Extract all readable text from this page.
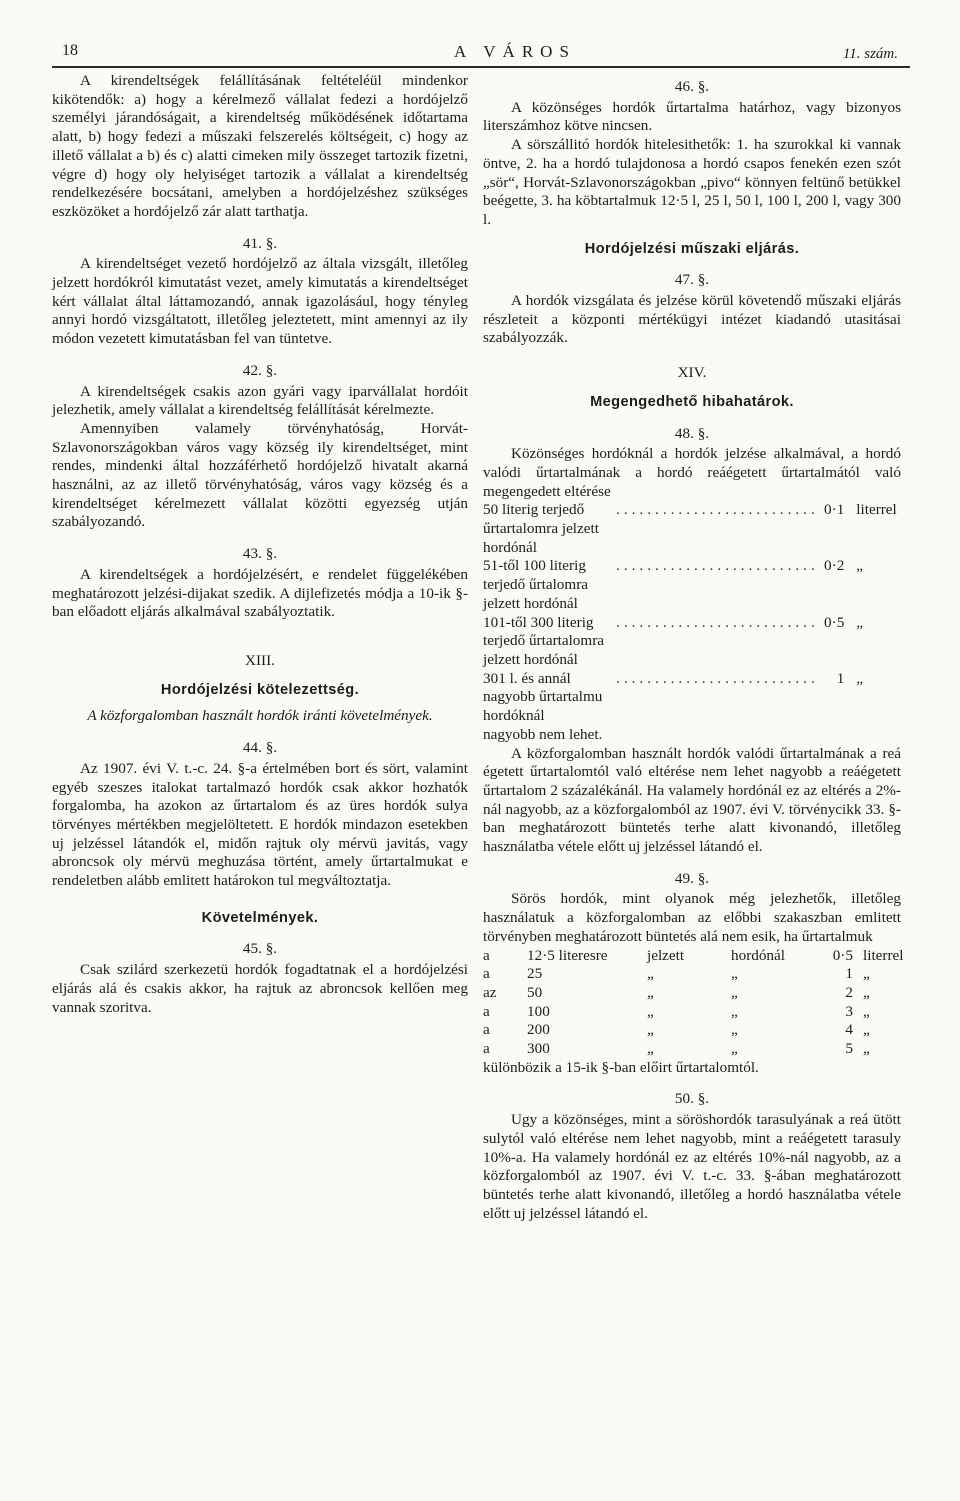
18	A VÁROS	11. szám.

A kirendeltségek felállításának feltételéül mindenkor kikötendők: a) hogy a kérelmező vállalat fedezi a hordójelző személyi járandóságait, a kirendeltség működésének időtartama alatt, b) hogy fedezi a műszaki felszerelés költségeit, c) hogy az illető vállalat a b) és c) alatti cimeken mily összeget tartozik fizetni, végre d) hogy oly helyiséget tartozik a vállalat a kirendeltség rendelkezésére bocsátani, amelyben a hordójelzéshez szükséges eszközöket a hordójelző zár alatt tarthatja.

41. §.

A kirendeltséget vezető hordójelző az általa vizsgált, illetőleg jelzett hordókról kimutatást vezet, amely kimutatás a kirendeltséget kért vállalat által láttamozandó, annak igazolásául, hogy tényleg annyi hordó vizsgáltatott, illetőleg jeleztetett, mint amennyi az ily módon vezetett kimutatásban fel van tüntetve.

42. §.

A kirendeltségek csakis azon gyári vagy iparvállalat hordóit jelezhetik, amely vállalat a kirendeltség felállítását kérelmezte.

Amennyiben valamely törvényhatóság, Horvát-Szlavonországokban város vagy község ily kirendeltséget, mint rendes, mindenki által hozzáférhető hordójelző hivatalt akarná használni, az az illető törvényhatóság, város vagy község és a kirendeltséget kérelmezett vállalat közötti egyezség utján szabályozandó.

43. §.

A kirendeltségek a hordójelzésért, e rendelet függelékében meghatározott jelzési-dijakat szedik. A dijlefizetés módja a 10-ik §-ban előadott eljárás alkalmával szabályoztatik.

XIII.
Hordójelzési kötelezettség.
A közforgalomban használt hordók iránti követelmények.
44. §.

Az 1907. évi V. t.-c. 24. §-a értelmében bort és sört, valamint egyéb szeszes italokat tartalmazó hordók csak akkor hozhatók forgalomba, ha azokon az űrtartalom és az üres hordók sulya törvényes mértékben megjelöltetett. E hordók mindazon esetekben uj jelzéssel látandók el, midőn rajtuk oly mérvü javitás, vagy abroncsok oly mérvü meghuzása történt, amely űrtartalmukat e rendeletben alább emlitett határokon tul megváltoztatja.

Követelmények.
45. §.

Csak szilárd szerkezetü hordók fogadtatnak el a hordójelzési eljárás alá és csakis akkor, ha rajtuk az abroncsok kellően meg vannak szoritva.

46. §.

A közönséges hordók űrtartalma határhoz, vagy bizonyos literszámhoz kötve nincsen.

A sörszállitó hordók hitelesithetők: 1. ha szurokkal ki vannak öntve, 2. ha a hordó tulajdonosa a hordó csapos fenekén ezen szót „sör“, Horvát-Szlavonországokban „pivo“ könnyen feltünő betükkel beégette, 3. ha köbtartalmuk 12·5 l, 25 l, 50 l, 100 l, 200 l, vagy 300 l.

Hordójelzési műszaki eljárás.
47. §.

A hordók vizsgálata és jelzése körül követendő műszaki eljárás részleteit a központi mértékügyi intézet kiadandó utasitásai szabályozzák.

XIV.
Megengedhető hibahatárok.
48. §.

Közönséges hordóknál a hordók jelzése alkalmával, a hordó valódi űrtartalmának a hordó reáégetett űrtartalmától való megengedett eltérése

50 literig terjedő űrtartalomra jelzett hordónál
.......................... 0·1 literrel
51-től 100 literig terjedő űrtalomra jelzett hordónál
.......................... 0·2 „
101-től 300 literig terjedő űrtartalomra jelzett hordónál
.......................... 0·5 „
301 l. és annál nagyobb űrtartalmu hordóknál
..........................	1 „

nagyobb nem lehet.

A közforgalomban használt hordók valódi űrtartalmának a reá égetett űrtartalomtól való eltérése nem lehet nagyobb a reáégetett űrtartalom 2 százalékánál. Ha valamely hordónál ez az eltérés a 2%-nál nagyobb, az a közforgalomból az 1907. évi V. törvénycikk 33. §-ban meghatározott büntetés terhe alatt kivonandó, illetőleg használatba vétele előtt uj jelzéssel látandó el.

49. §.

Sörös hordók, mint olyanok még jelezhetők, illetőleg használatuk a közforgalomban az előbbi szakaszban emlitett törvényben meghatározott büntetés alá nem esik, ha űrtartalmuk

a	12·5 literesre	jelzett	hordónál	0·5 literrel
a	25	„	„	1 „
az	50	„	„	2 „
a	100	„	„	3 „
a	200	„	„	4 „
a	300	„	„	5 „

különbözik a 15-ik §-ban előirt űrtartalomtól.

50. §.

Ugy a közönséges, mint a söröshordók tarasulyának a reá ütött sulytól való eltérése nem lehet nagyobb, mint a reáégetett tarasuly 10%-a. Ha valamely hordónál ez az eltérés 10%-nál nagyobb, az a közforgalomból az 1907. évi V. t.-c. 33. §-ában meghatározott büntetés terhe alatt kivonandó, illetőleg a hordó használatba vétele előtt uj jelzéssel látandó el.
